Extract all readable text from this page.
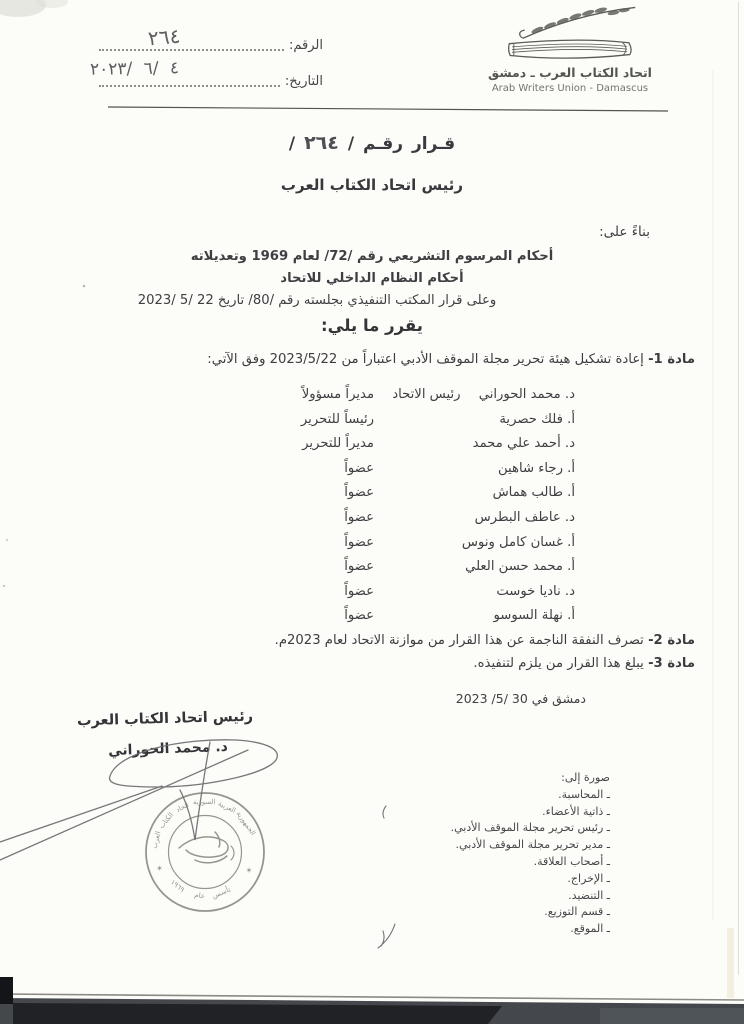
اتحاد الكتاب العرب ـ دمشق
Arab Writers Union - Damascus
الرقم:
٢٦٤
التاريخ:
٤ /٦ /٢٠٢٣
قـرار رقـم /٢٦٤/
رئيس اتحاد الكتاب العرب
بناءً على:
أحكام المرسوم التشريعي رقم /72/ لعام 1969 وتعديلاته
أحكام النظام الداخلي للاتحاد
وعلى قرار المكتب التنفيذي بجلسته رقم /80/ تاريخ 22 /5 /2023
يقرر ما يلي:
مادة 1- إعادة تشكيل هيئة تحرير مجلة الموقف الأدبي اعتباراً من 2023/5/22 وفق الآتي:
د. محمد الحوراني
رئيس الاتحاد
مديراً مسؤولاً
أ. فلك حصرية
رئيساً للتحرير
د. أحمد علي محمد
مديراً للتحرير
أ. رجاء شاهين
عضواً
أ. طالب هماش
عضواً
د. عاطف البطرس
عضواً
أ. غسان كامل ونوس
عضواً
أ. محمد حسن العلي
عضواً
د. ناديا خوست
عضواً
أ. نهلة السوسو
عضواً
مادة 2- تصرف النفقة الناجمة عن هذا القرار من موازنة الاتحاد لعام 2023م.
مادة 3- يبلغ هذا القرار من يلزم لتنفيذه.
دمشق في 30 /5/ 2023
رئيس اتحاد الكتاب العرب
د. محمد الحوراني
الجمهورية
العربية
السورية
اتحاد
الكتاب
العرب
تأسس
عام
١٩٦٩
✶	✶
صورة إلى:
ـ المحاسبة.
ـ ذاتية الأعضاء.
ـ رئيس تحرير مجلة الموقف الأدبي.
ـ مدير تحرير مجلة الموقف الأدبي.
ـ أصحاب العلاقة.
ـ الإخراج.
ـ التنضيد.
ـ قسم التوزيع.
ـ الموقع.
